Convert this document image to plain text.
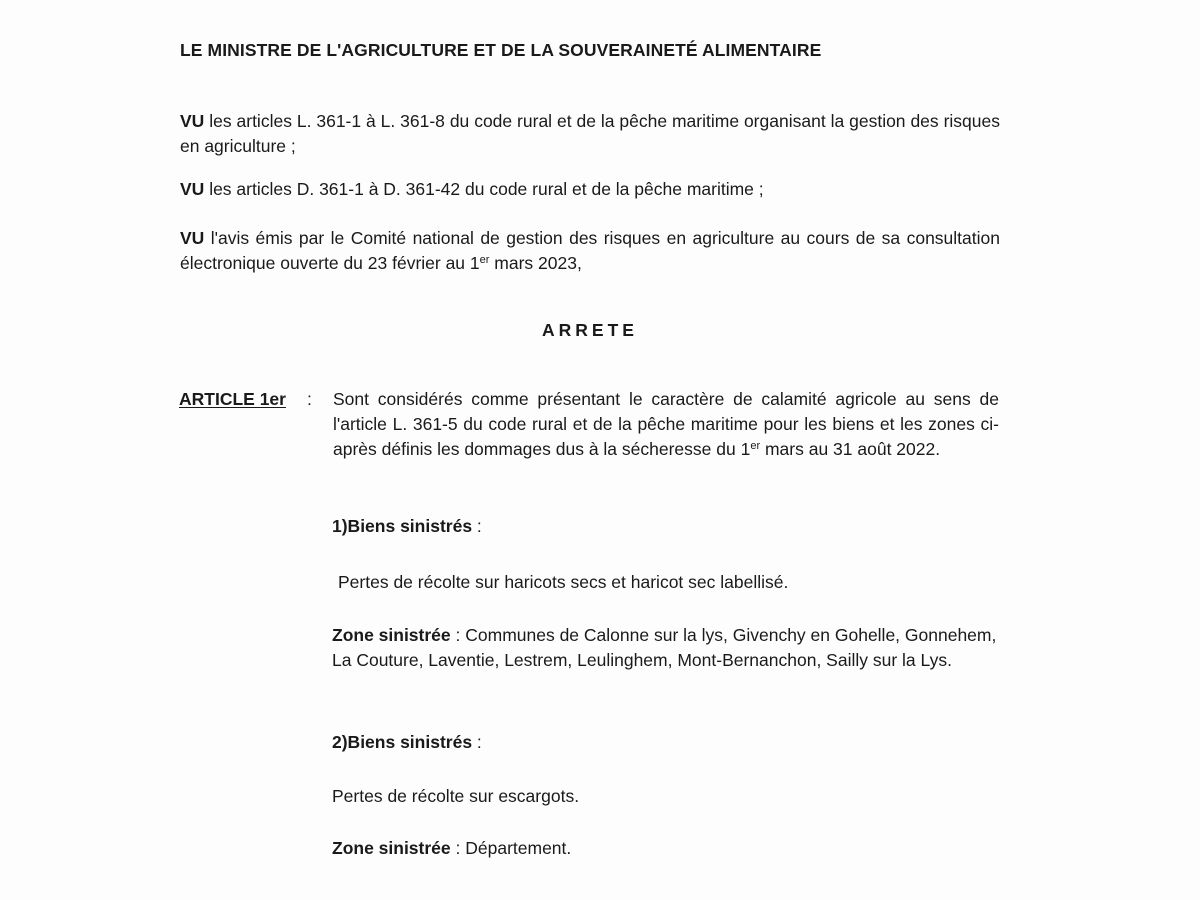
LE MINISTRE DE L'AGRICULTURE ET DE LA SOUVERAINETÉ ALIMENTAIRE
VU les articles L. 361-1 à L. 361-8 du code rural et de la pêche maritime organisant la gestion des risques en agriculture ;
VU les articles D. 361-1 à D. 361-42 du code rural et de la pêche maritime ;
VU l'avis émis par le Comité national de gestion des risques en agriculture au cours de sa consultation électronique ouverte du 23 février au 1er mars 2023,
ARRETE
ARTICLE 1er : Sont considérés comme présentant le caractère de calamité agricole au sens de l'article L. 361-5 du code rural et de la pêche maritime pour les biens et les zones ci-après définis les dommages dus à la sécheresse du 1er mars au 31 août 2022.
1)Biens sinistrés :
Pertes de récolte sur haricots secs et haricot sec labellisé.
Zone sinistrée : Communes de Calonne sur la lys, Givenchy en Gohelle, Gonnehem, La Couture, Laventie, Lestrem, Leulinghem, Mont-Bernanchon, Sailly sur la Lys.
2)Biens sinistrés :
Pertes de récolte sur escargots.
Zone sinistrée : Département.
